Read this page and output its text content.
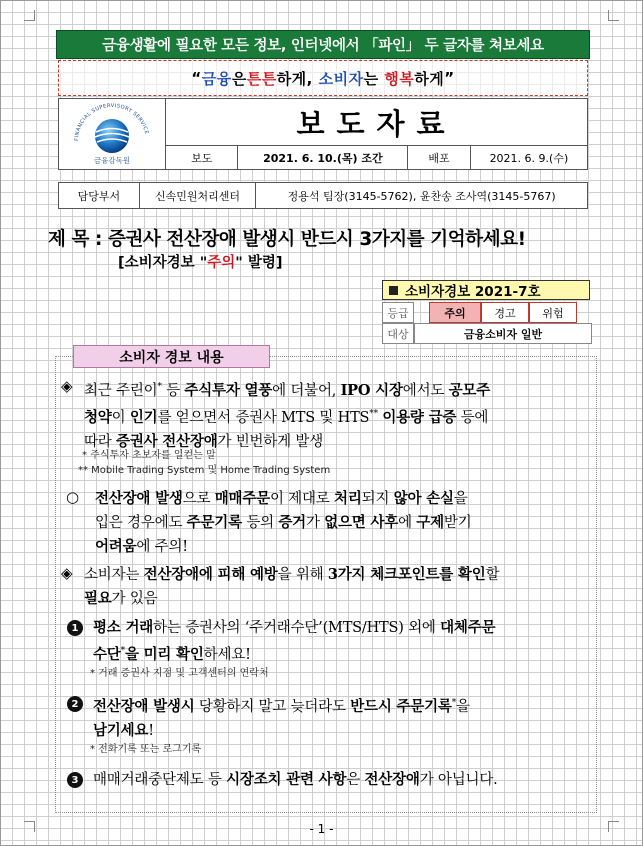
금융생활에 필요한 모든 정보, 인터넷에서 「파인」 두 글자를 쳐보세요
“ 금융 은 튼튼 하게, 소비자 는 행복 하게 ”
FINANCIAL SUPERVISORY SERVICE
금융감독원
보도자료
보도	2021. 6. 10.(목) 조간	배포	2021. 6. 9.(수)
담당부서	신속민원처리센터	정용석 팀장(3145-5762), 윤찬송 조사역(3145-5767)
제 목 : 증권사 전산장애 발생시 반드시 3가지를 기억하세요!
[소비자경보 "주의" 발령]
소비자경보 2021-7호
등급	주의	경고	위험
대상	금융소비자 일반
소비자 경보 내용
◈ 최근 주린이* 등 주식투자 열풍에 더불어, IPO 시장에서도 공모주
청약이 인기를 얻으면서 증권사 MTS 및 HTS** 이용량 급증 등에
따라 증권사 전산장애가 빈번하게 발생
* 주식투자 초보자를 일컫는 말
** Mobile Trading System 및 Home Trading System
○ 전산장애 발생으로 매매주문이 제대로 처리되지 않아 손실을
입은 경우에도 주문기록 등의 증거가 없으면 사후에 구제받기
어려움에 주의!
◈ 소비자는 전산장애에 피해 예방을 위해 3가지 체크포인트를 확인할
필요가 있음
1	평소 거래하는 증권사의 ‘주거래수단’(MTS/HTS) 외에 대체주문
수단*을 미리 확인하세요!
* 거래 증권사 지점 및 고객센터의 연락처
2	전산장애 발생시 당황하지 말고 늦더라도 반드시 주문기록*을
남기세요!
* 전화기록 또는 로그기록
3	매매거래중단제도 등 시장조치 관련 사항은 전산장애가 아닙니다.
- 1 -
